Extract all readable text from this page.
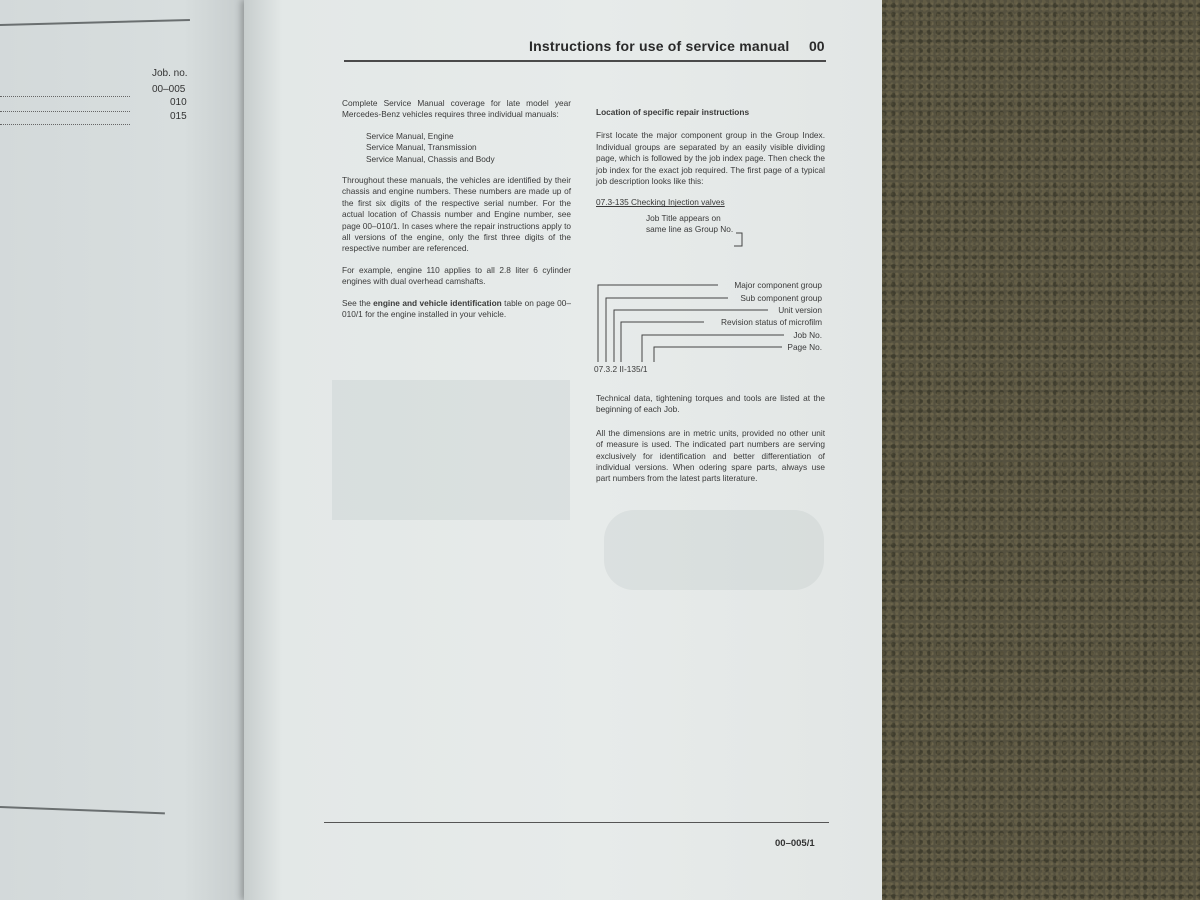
Job. no.
00–005
010
015
Instructions for use of service manual 00

Complete Service Manual coverage for late model year Mercedes-Benz vehicles requires three individual manuals:

Service Manual, Engine

Service Manual, Transmission

Service Manual, Chassis and Body

Throughout these manuals, the vehicles are identified by their chassis and engine numbers. These numbers are made up of the first six digits of the respective serial number. For the actual location of Chassis number and Engine number, see page 00–010/1. In cases where the repair instructions apply to all versions of the engine, only the first three digits of the respective number are referenced.

For example, engine 110 applies to all 2.8 liter 6 cylinder engines with dual overhead camshafts.

See the engine and vehicle identification table on page 00–010/1 for the engine installed in your vehicle.

Location of specific repair instructions

First locate the major component group in the Group Index. Individual groups are separated by an easily visible dividing page, which is followed by the job index page. Then check the job index for the exact job required. The first page of a typical job description looks like this:

07.3-135 Checking Injection valves

Job Title appears on

same line as Group No.

Major component group
Sub component group
Unit version
Revision status of microfilm
Job No.
Page No.
07.3.2 II-135/1

Technical data, tightening torques and tools are listed at the beginning of each Job.

All the dimensions are in metric units, provided no other unit of measure is used. The indicated part numbers are serving exclusively for identification and better differentiation of individual versions. When odering spare parts, always use part numbers from the latest parts literature.

00–005/1
